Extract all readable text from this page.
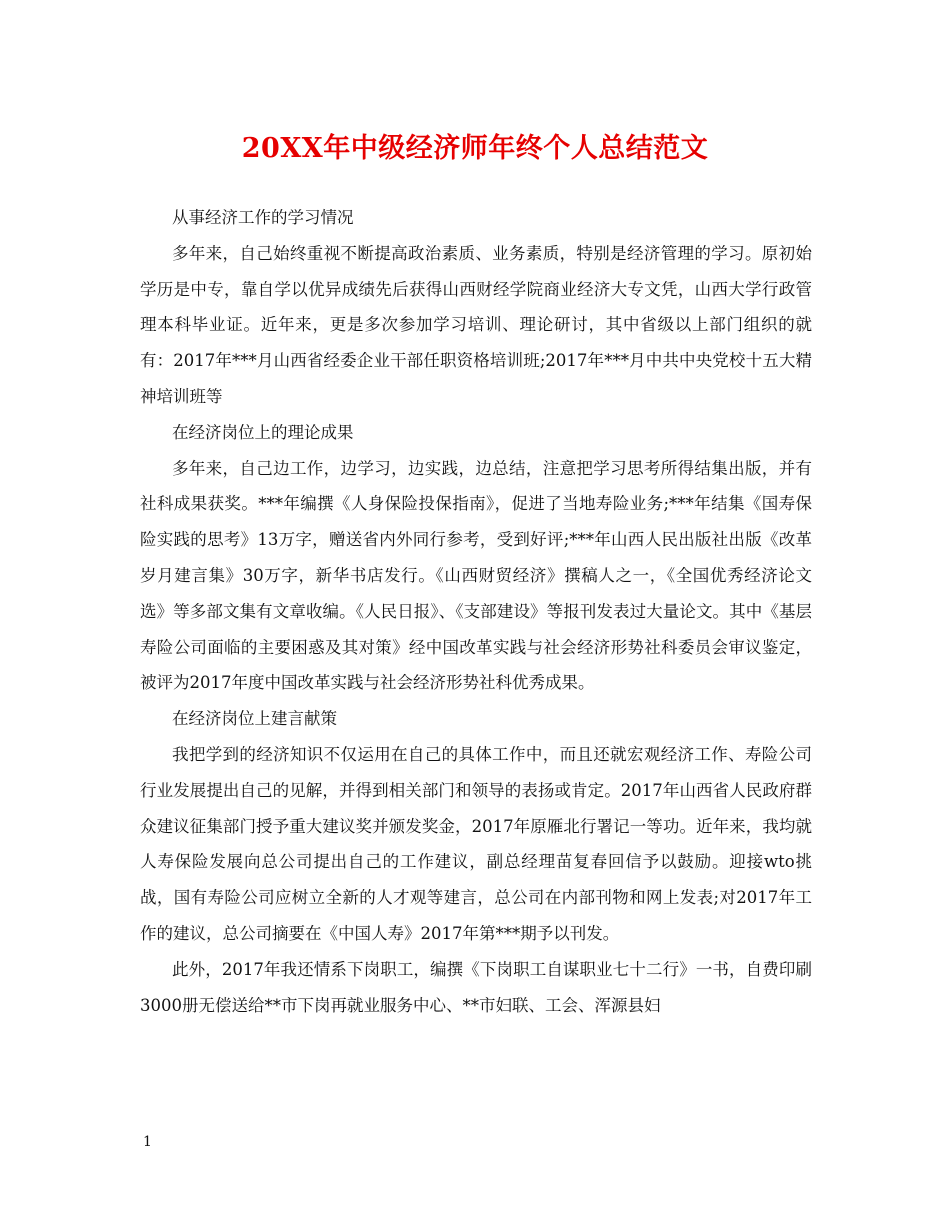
20XX年中级经济师年终个人总结范文

从事经济工作的学习情况

多年来，自己始终重视不断提高政治素质、业务素质，特别是经济管理的学习。原初始学历是中专，靠自学以优异成绩先后获得山西财经学院商业经济大专文凭，山西大学行政管理本科毕业证。近年来，更是多次参加学习培训、理论研讨，其中省级以上部门组织的就有：2017年***月山西省经委企业干部任职资格培训班;2017年***月中共中央党校十五大精神培训班等

在经济岗位上的理论成果

多年来，自己边工作，边学习，边实践，边总结，注意把学习思考所得结集出版，并有社科成果获奖。***年编撰《人身保险投保指南》，促进了当地寿险业务;***年结集《国寿保险实践的思考》13万字，赠送省内外同行参考，受到好评;***年山西人民出版社出版《改革岁月建言集》30万字，新华书店发行。《山西财贸经济》撰稿人之一，《全国优秀经济论文选》等多部文集有文章收编。《人民日报》、《支部建设》等报刊发表过大量论文。其中《基层寿险公司面临的主要困惑及其对策》经中国改革实践与社会经济形势社科委员会审议鉴定，被评为2017年度中国改革实践与社会经济形势社科优秀成果。

在经济岗位上建言献策

我把学到的经济知识不仅运用在自己的具体工作中，而且还就宏观经济工作、寿险公司行业发展提出自己的见解，并得到相关部门和领导的表扬或肯定。2017年山西省人民政府群众建议征集部门授予重大建议奖并颁发奖金，2017年原雁北行署记一等功。近年来，我均就人寿保险发展向总公司提出自己的工作建议，副总经理苗复春回信予以鼓励。迎接wto挑战，国有寿险公司应树立全新的人才观等建言，总公司在内部刊物和网上发表;对2017年工作的建议，总公司摘要在《中国人寿》2017年第***期予以刊发。

此外，2017年我还情系下岗职工，编撰《下岗职工自谋职业七十二行》一书，自费印刷3000册无偿送给**市下岗再就业服务中心、**市妇联、工会、浑源县妇

1
